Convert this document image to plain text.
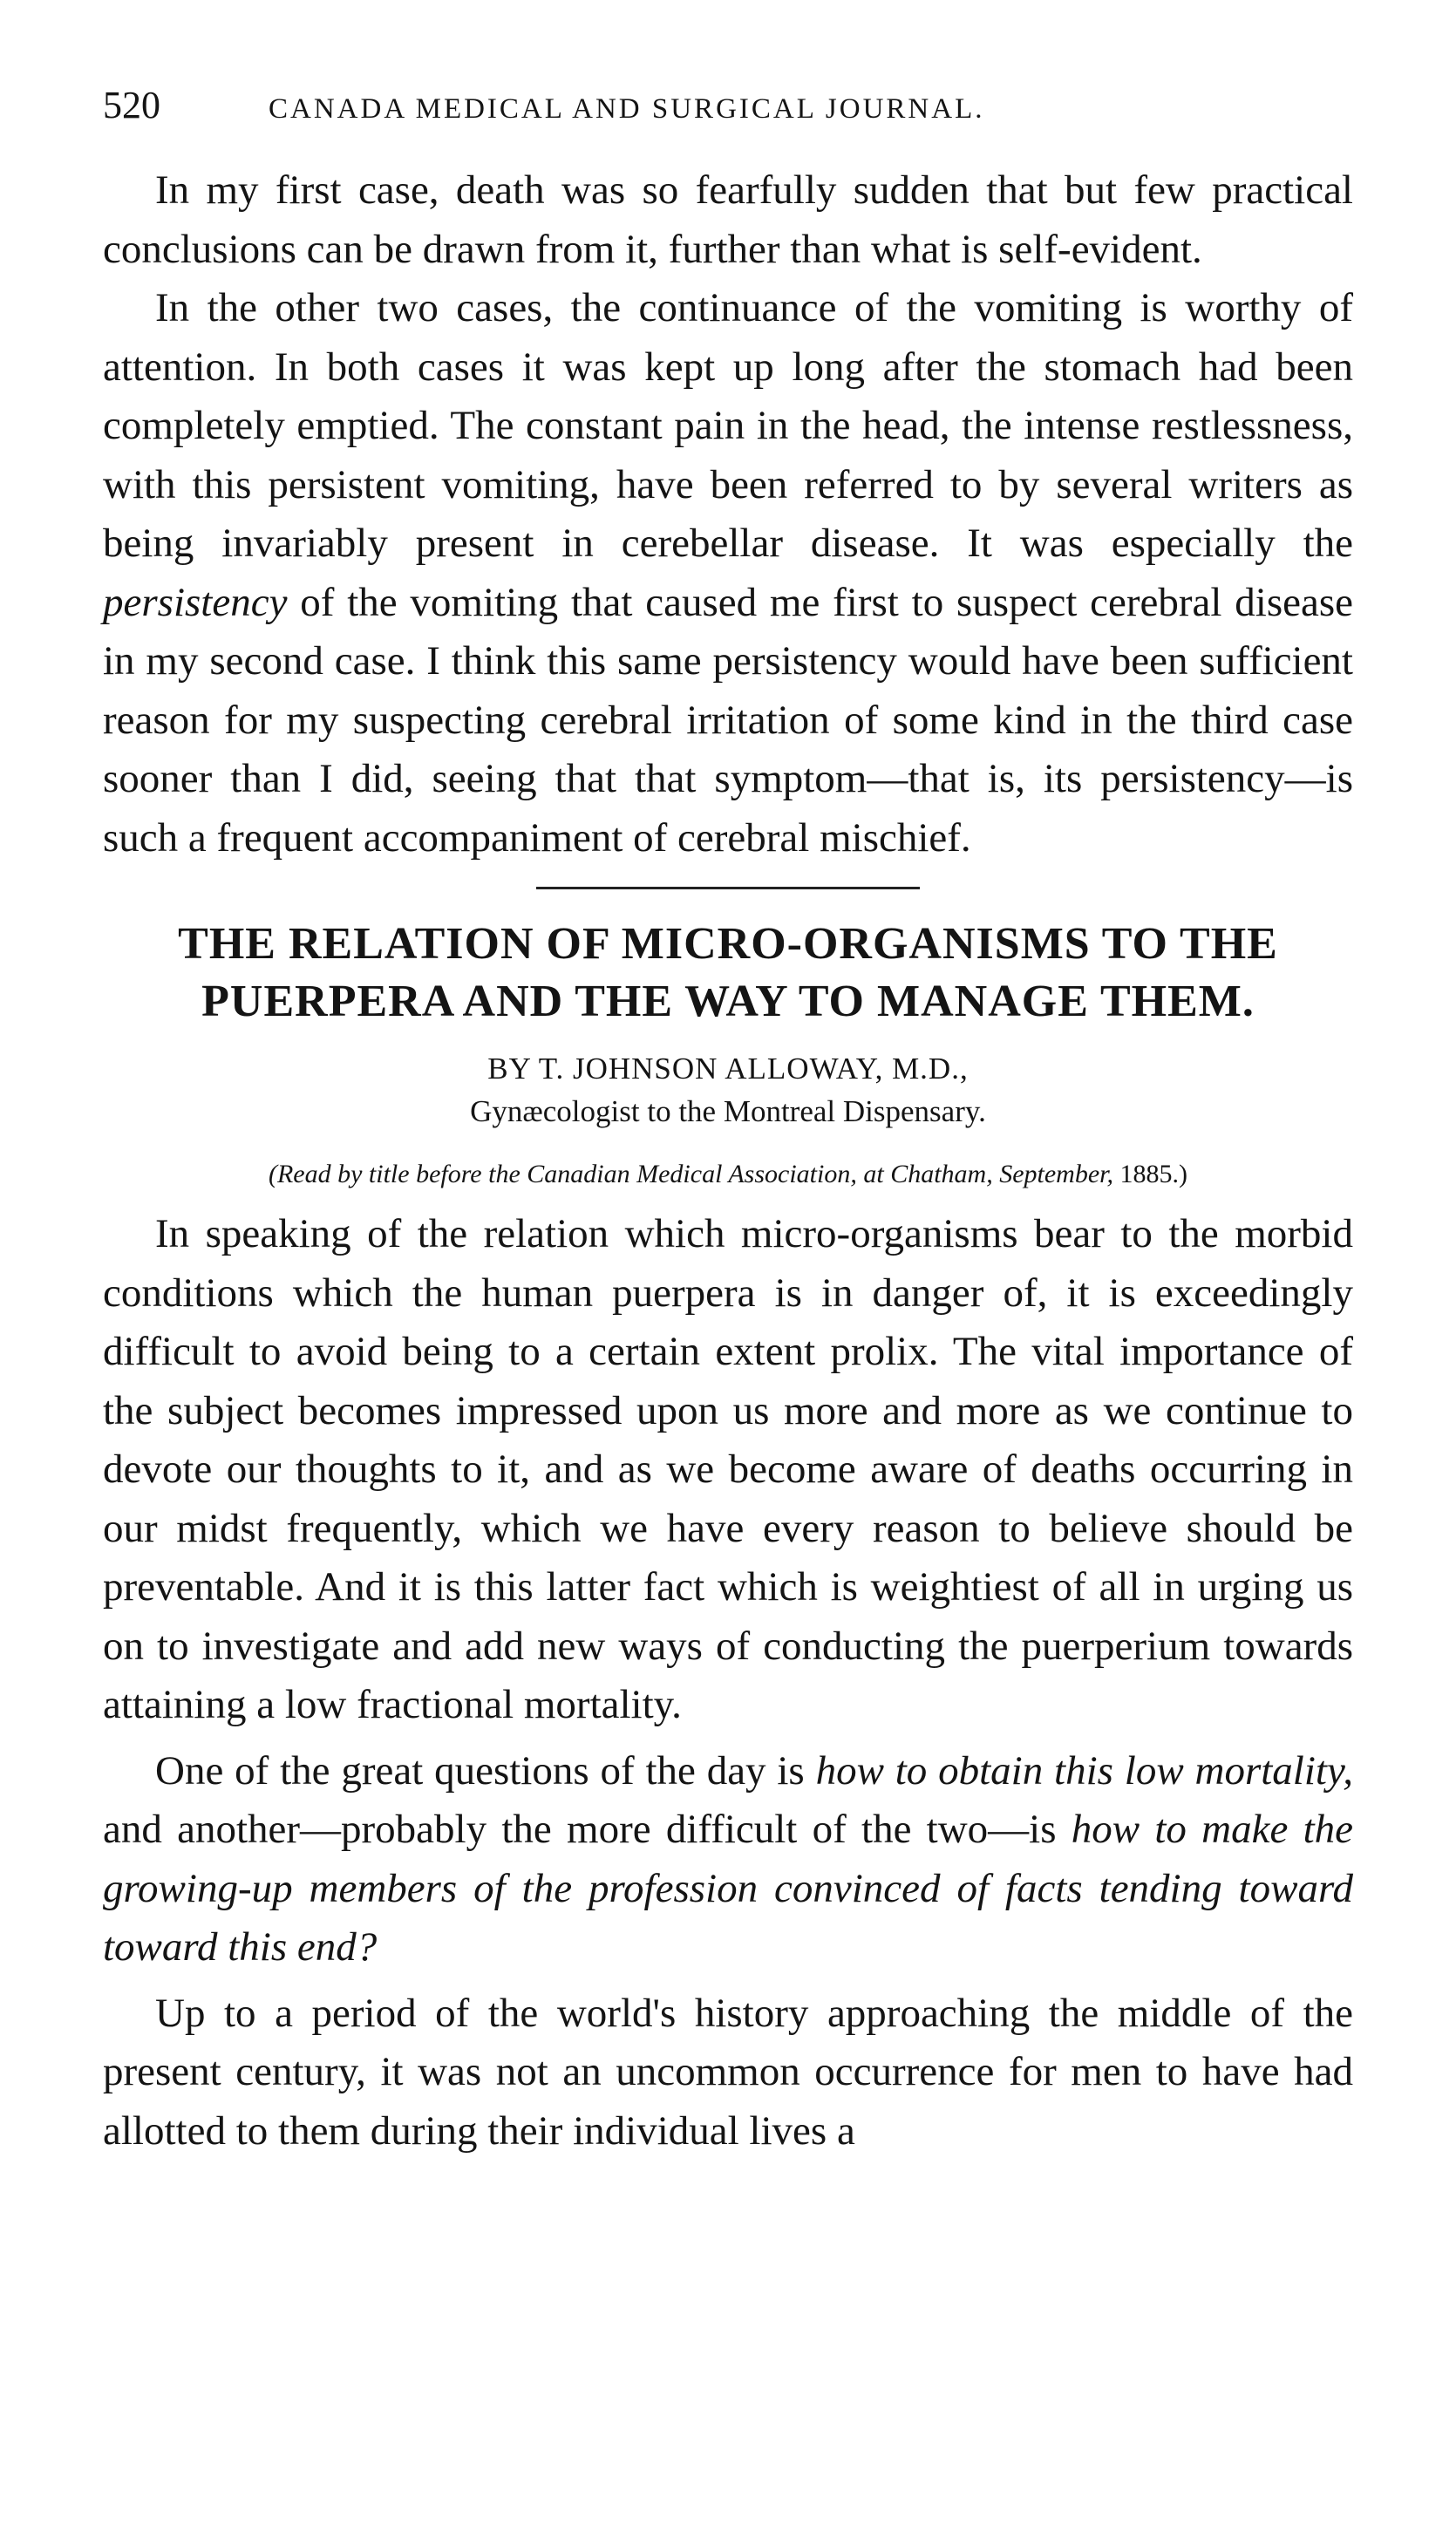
520	CANADA MEDICAL AND SURGICAL JOURNAL.

In my first case, death was so fearfully sudden that but few practical conclusions can be drawn from it, further than what is self-evident.

In the other two cases, the continuance of the vomiting is worthy of attention. In both cases it was kept up long after the stomach had been completely emptied. The constant pain in the head, the intense restlessness, with this persistent vomiting, have been referred to by several writers as being invariably present in cerebellar disease. It was especially the persistency of the vomiting that caused me first to suspect cerebral disease in my second case. I think this same persistency would have been sufficient reason for my suspecting cerebral irritation of some kind in the third case sooner than I did, seeing that that symptom—that is, its persistency—is such a frequent accompaniment of cerebral mischief.

THE RELATION OF MICRO-ORGANISMS TO THE PUERPERA AND THE WAY TO MANAGE THEM.
BY T. JOHNSON ALLOWAY, M.D.,
Gynæcologist to the Montreal Dispensary.
(Read by title before the Canadian Medical Association, at Chatham, September, 1885.)

In speaking of the relation which micro-organisms bear to the morbid conditions which the human puerpera is in danger of, it is exceedingly difficult to avoid being to a certain extent prolix. The vital importance of the subject becomes impressed upon us more and more as we continue to devote our thoughts to it, and as we become aware of deaths occurring in our midst frequently, which we have every reason to believe should be preventable. And it is this latter fact which is weightiest of all in urging us on to investigate and add new ways of conducting the puerperium towards attaining a low fractional mortality.

One of the great questions of the day is how to obtain this low mortality, and another—probably the more difficult of the two—is how to make the growing-up members of the profession convinced of facts tending toward toward this end?

Up to a period of the world's history approaching the middle of the present century, it was not an uncommon occurrence for men to have had allotted to them during their individual lives a
